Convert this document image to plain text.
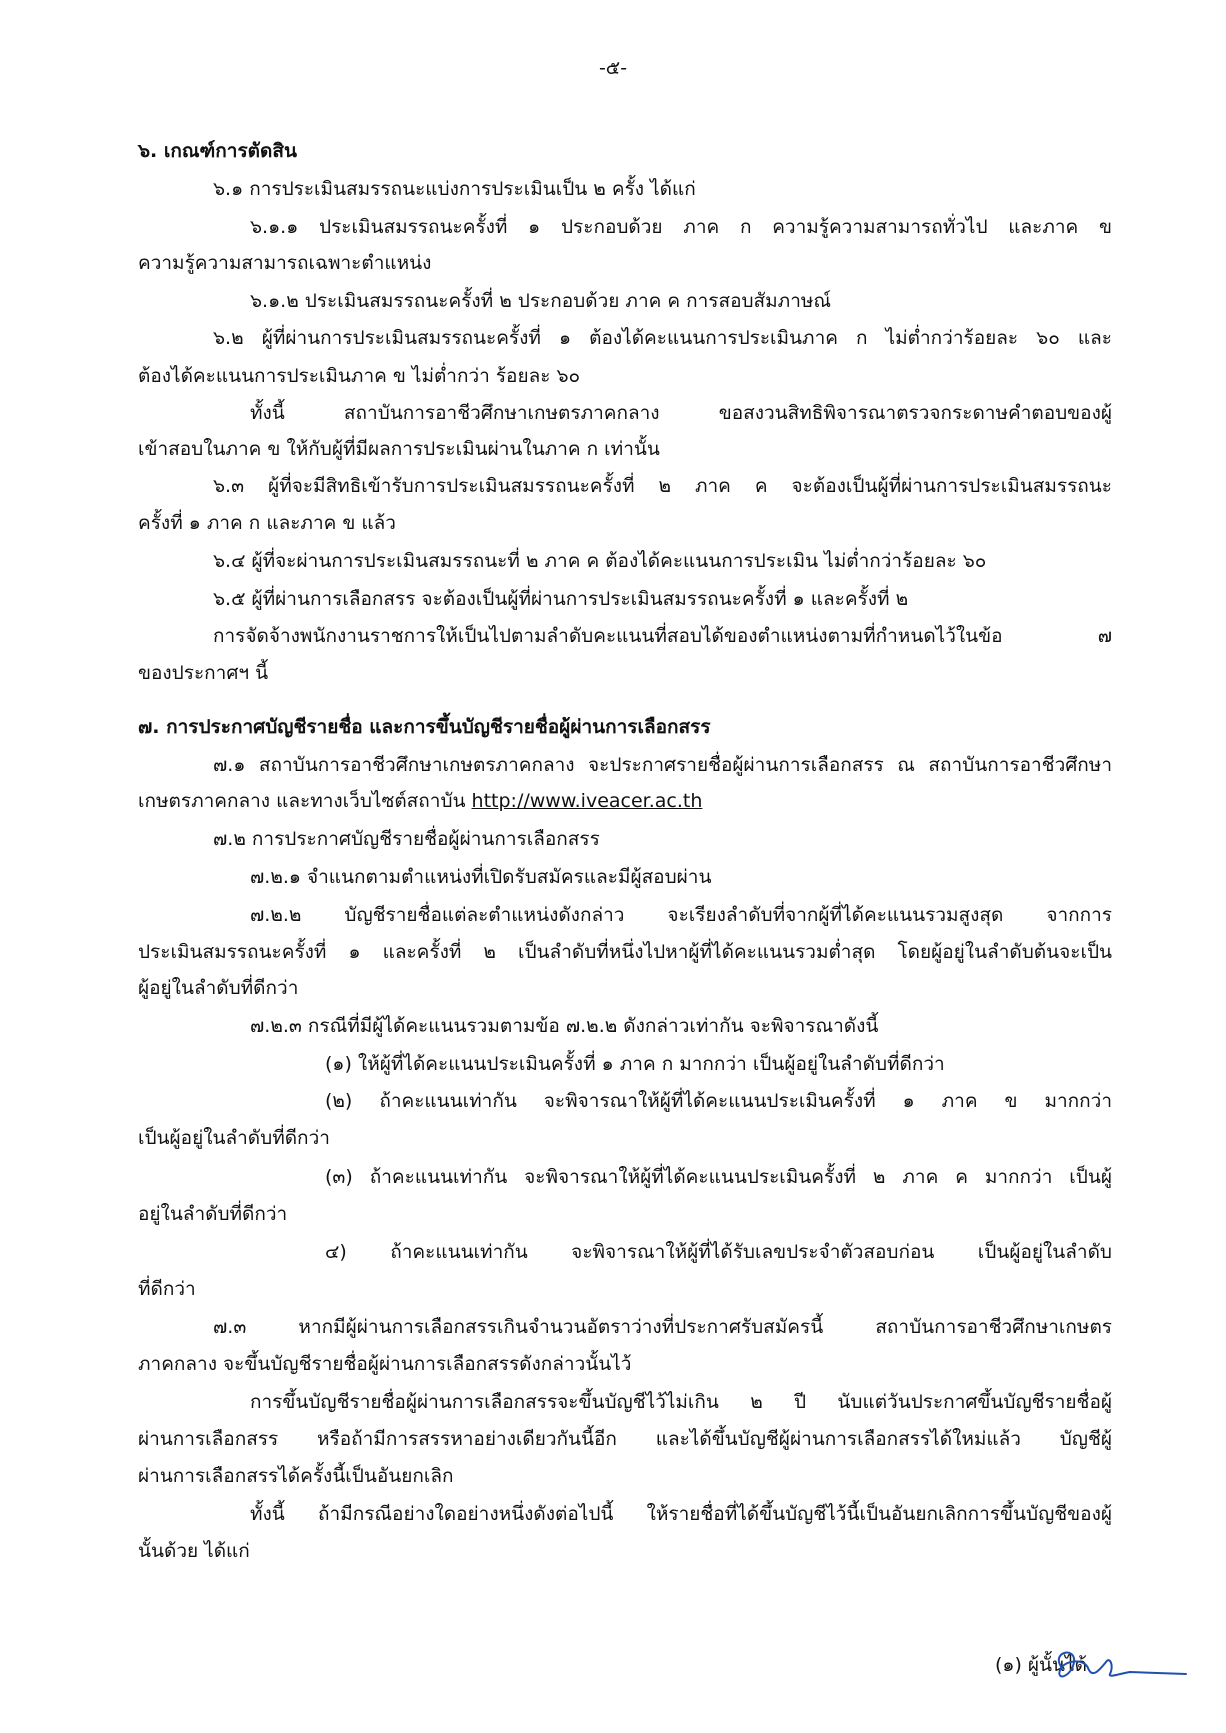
-๕-
๖. เกณฑ์การตัดสิน
๖.๑ การประเมินสมรรถนะแบ่งการประเมินเป็น ๒ ครั้ง ได้แก่
๖.๑.๑ ประเมินสมรรถนะครั้งที่ ๑ ประกอบด้วย ภาค ก ความรู้ความสามารถทั่วไป และภาค ข
ความรู้ความสามารถเฉพาะตำแหน่ง
๖.๑.๒ ประเมินสมรรถนะครั้งที่ ๒ ประกอบด้วย ภาค ค การสอบสัมภาษณ์
๖.๒ ผู้ที่ผ่านการประเมินสมรรถนะครั้งที่ ๑ ต้องได้คะแนนการประเมินภาค ก ไม่ต่ำกว่าร้อยละ ๖๐ และ
ต้องได้คะแนนการประเมินภาค ข ไม่ต่ำกว่า ร้อยละ ๖๐
ทั้งนี้ สถาบันการอาชีวศึกษาเกษตรภาคกลาง ขอสงวนสิทธิพิจารณาตรวจกระดาษคำตอบของผู้
เข้าสอบในภาค ข ให้กับผู้ที่มีผลการประเมินผ่านในภาค ก เท่านั้น
๖.๓ ผู้ที่จะมีสิทธิเข้ารับการประเมินสมรรถนะครั้งที่ ๒ ภาค ค จะต้องเป็นผู้ที่ผ่านการประเมินสมรรถนะ
ครั้งที่ ๑ ภาค ก และภาค ข แล้ว
๖.๔ ผู้ที่จะผ่านการประเมินสมรรถนะที่ ๒ ภาค ค ต้องได้คะแนนการประเมิน ไม่ต่ำกว่าร้อยละ ๖๐
๖.๕ ผู้ที่ผ่านการเลือกสรร จะต้องเป็นผู้ที่ผ่านการประเมินสมรรถนะครั้งที่ ๑ และครั้งที่ ๒
การจัดจ้างพนักงานราชการให้เป็นไปตามลำดับคะแนนที่สอบได้ของตำแหน่งตามที่กำหนดไว้ในข้อ ๗
ของประกาศฯ นี้
๗. การประกาศบัญชีรายชื่อ และการขึ้นบัญชีรายชื่อผู้ผ่านการเลือกสรร
๗.๑ สถาบันการอาชีวศึกษาเกษตรภาคกลาง จะประกาศรายชื่อผู้ผ่านการเลือกสรร ณ สถาบันการอาชีวศึกษา
เกษตรภาคกลาง และทางเว็บไซต์สถาบัน http://www.iveacer.ac.th
๗.๒ การประกาศบัญชีรายชื่อผู้ผ่านการเลือกสรร
๗.๒.๑ จำแนกตามตำแหน่งที่เปิดรับสมัครและมีผู้สอบผ่าน
๗.๒.๒ บัญชีรายชื่อแต่ละตำแหน่งดังกล่าว จะเรียงลำดับที่จากผู้ที่ได้คะแนนรวมสูงสุด จากการ
ประเมินสมรรถนะครั้งที่ ๑ และครั้งที่ ๒ เป็นลำดับที่หนึ่งไปหาผู้ที่ได้คะแนนรวมต่ำสุด โดยผู้อยู่ในลำดับต้นจะเป็น
ผู้อยู่ในลำดับที่ดีกว่า
๗.๒.๓ กรณีที่มีผู้ได้คะแนนรวมตามข้อ ๗.๒.๒ ดังกล่าวเท่ากัน จะพิจารณาดังนี้
(๑) ให้ผู้ที่ได้คะแนนประเมินครั้งที่ ๑ ภาค ก มากกว่า เป็นผู้อยู่ในลำดับที่ดีกว่า
(๒) ถ้าคะแนนเท่ากัน จะพิจารณาให้ผู้ที่ได้คะแนนประเมินครั้งที่ ๑ ภาค ข มากกว่า
เป็นผู้อยู่ในลำดับที่ดีกว่า
(๓) ถ้าคะแนนเท่ากัน จะพิจารณาให้ผู้ที่ได้คะแนนประเมินครั้งที่ ๒ ภาค ค มากกว่า เป็นผู้
อยู่ในลำดับที่ดีกว่า
๔) ถ้าคะแนนเท่ากัน จะพิจารณาให้ผู้ที่ได้รับเลขประจำตัวสอบก่อน เป็นผู้อยู่ในลำดับ
ที่ดีกว่า
๗.๓ หากมีผู้ผ่านการเลือกสรรเกินจำนวนอัตราว่างที่ประกาศรับสมัครนี้ สถาบันการอาชีวศึกษาเกษตร
ภาคกลาง จะขึ้นบัญชีรายชื่อผู้ผ่านการเลือกสรรดังกล่าวนั้นไว้
การขึ้นบัญชีรายชื่อผู้ผ่านการเลือกสรรจะขึ้นบัญชีไว้ไม่เกิน ๒ ปี นับแต่วันประกาศขึ้นบัญชีรายชื่อผู้
ผ่านการเลือกสรร หรือถ้ามีการสรรหาอย่างเดียวกันนี้อีก และได้ขึ้นบัญชีผู้ผ่านการเลือกสรรได้ใหม่แล้ว บัญชีผู้
ผ่านการเลือกสรรได้ครั้งนี้เป็นอันยกเลิก
ทั้งนี้ ถ้ามีกรณีอย่างใดอย่างหนึ่งดังต่อไปนี้ ให้รายชื่อที่ได้ขึ้นบัญชีไว้นี้เป็นอันยกเลิกการขึ้นบัญชีของผู้
นั้นด้วย ได้แก่
(๑) ผู้นั้นได้
